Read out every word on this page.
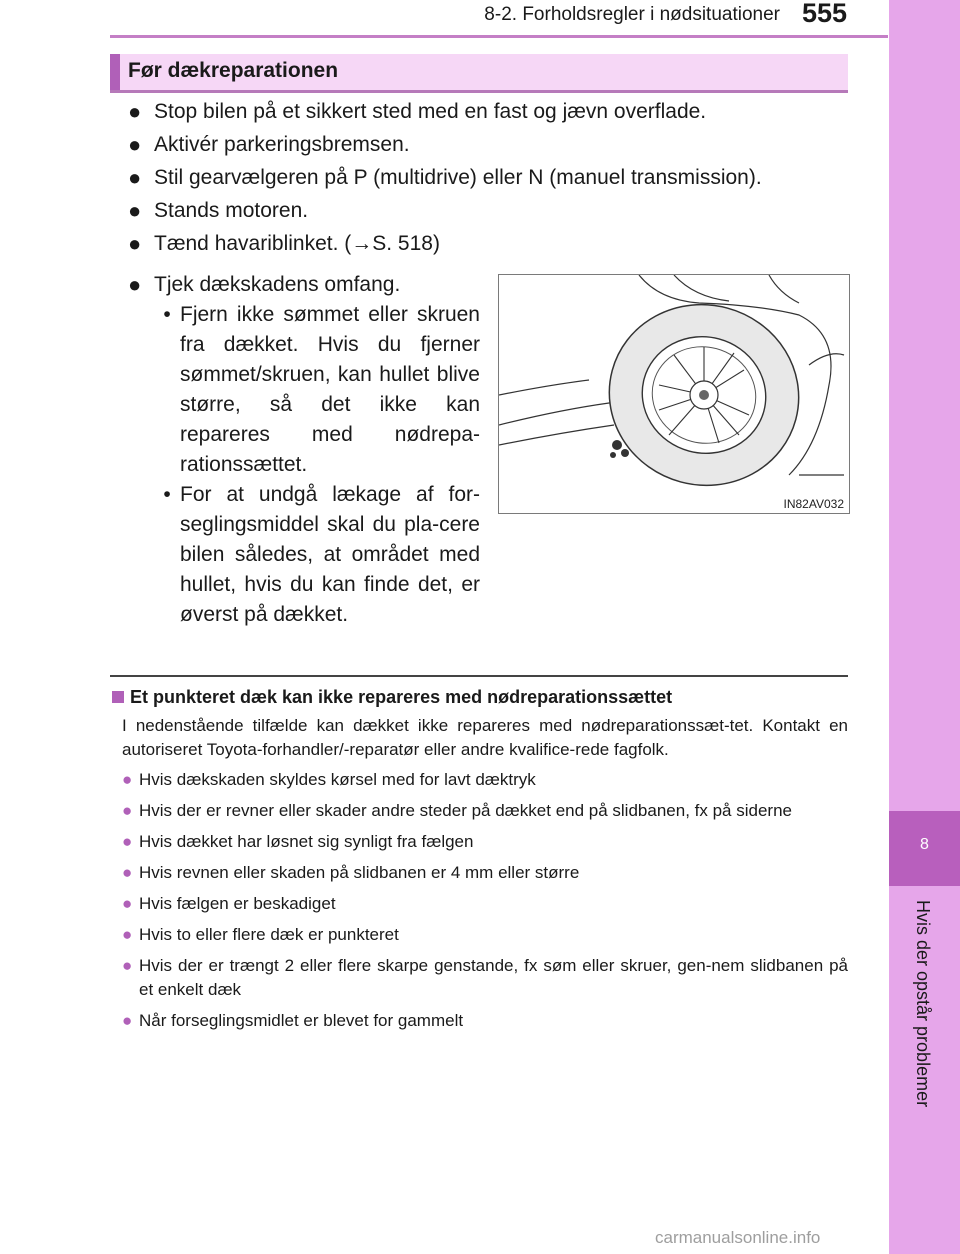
8-2. Forholdsregler i nødsituationer 555
8
Hvis der opstår problemer
Før dækreparationen
● Stop bilen på et sikkert sted med en fast og jævn overflade.
● Aktivér parkeringsbremsen.
● Stil gearvælgeren på P (multidrive) eller N (manuel transmission).
● Stands motoren.
● Tænd havariblinket. (→S. 518)
● Tjek dækskadens omfang.
• Fjern ikke sømmet eller skruen fra dækket. Hvis du fjerner sømmet/skruen, kan hullet blive større, så det ikke kan repareres med nødrepa-rationssættet.
• For at undgå lækage af for-seglingsmiddel skal du pla-cere bilen således, at området med hullet, hvis du kan finde det, er øverst på dækket.
IN82AV032
Et punkteret dæk kan ikke repareres med nødreparationssættet
I nedenstående tilfælde kan dækket ikke repareres med nødreparationssæt-tet. Kontakt en autoriseret Toyota-forhandler/-reparatør eller andre kvalifice-rede fagfolk.
● Hvis dækskaden skyldes kørsel med for lavt dæktryk
● Hvis der er revner eller skader andre steder på dækket end på slidbanen, fx på siderne
● Hvis dækket har løsnet sig synligt fra fælgen
● Hvis revnen eller skaden på slidbanen er 4 mm eller større
● Hvis fælgen er beskadiget
● Hvis to eller flere dæk er punkteret
● Hvis der er trængt 2 eller flere skarpe genstande, fx søm eller skruer, gen-nem slidbanen på et enkelt dæk
● Når forseglingsmidlet er blevet for gammelt
carmanualsonline.info
